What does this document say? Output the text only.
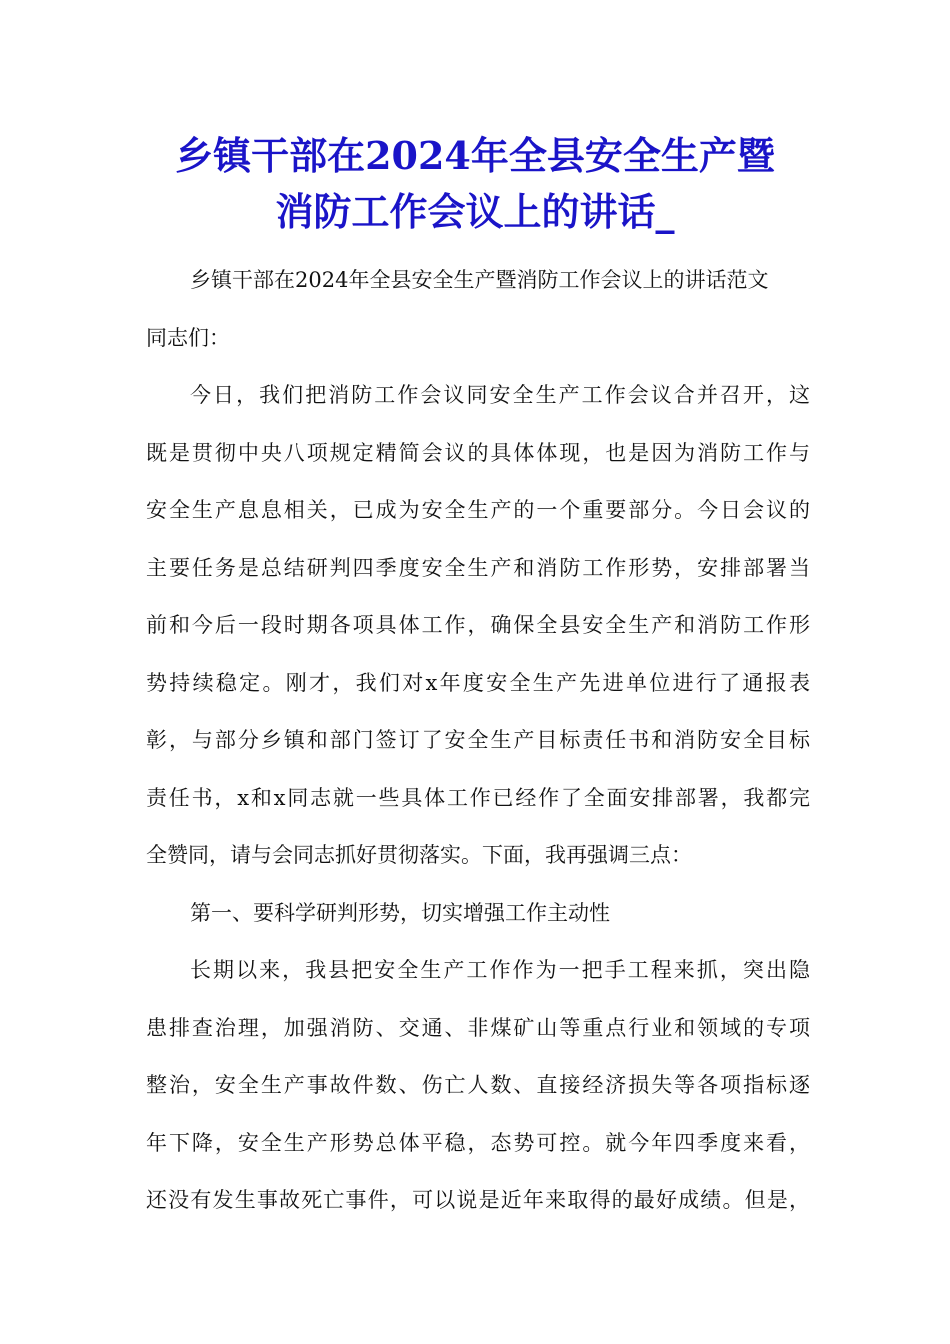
乡镇干部在2024年全县安全生产暨
消防工作会议上的讲话_
乡镇干部在2024年全县安全生产暨消防工作会议上的讲话范文
同志们：
今日，我们把消防工作会议同安全生产工作会议合并召开，这
既是贯彻中央八项规定精简会议的具体体现，也是因为消防工作与
安全生产息息相关，已成为安全生产的一个重要部分。今日会议的
主要任务是总结研判四季度安全生产和消防工作形势，安排部署当
前和今后一段时期各项具体工作，确保全县安全生产和消防工作形
势持续稳定。刚才，我们对x年度安全生产先进单位进行了通报表
彰，与部分乡镇和部门签订了安全生产目标责任书和消防安全目标
责任书，x和x同志就一些具体工作已经作了全面安排部署，我都完
全赞同，请与会同志抓好贯彻落实。下面，我再强调三点：
第一、要科学研判形势，切实增强工作主动性
长期以来，我县把安全生产工作作为一把手工程来抓，突出隐
患排查治理，加强消防、交通、非煤矿山等重点行业和领域的专项
整治，安全生产事故件数、伤亡人数、直接经济损失等各项指标逐
年下降，安全生产形势总体平稳，态势可控。就今年四季度来看，
还没有发生事故死亡事件，可以说是近年来取得的最好成绩。但是，
